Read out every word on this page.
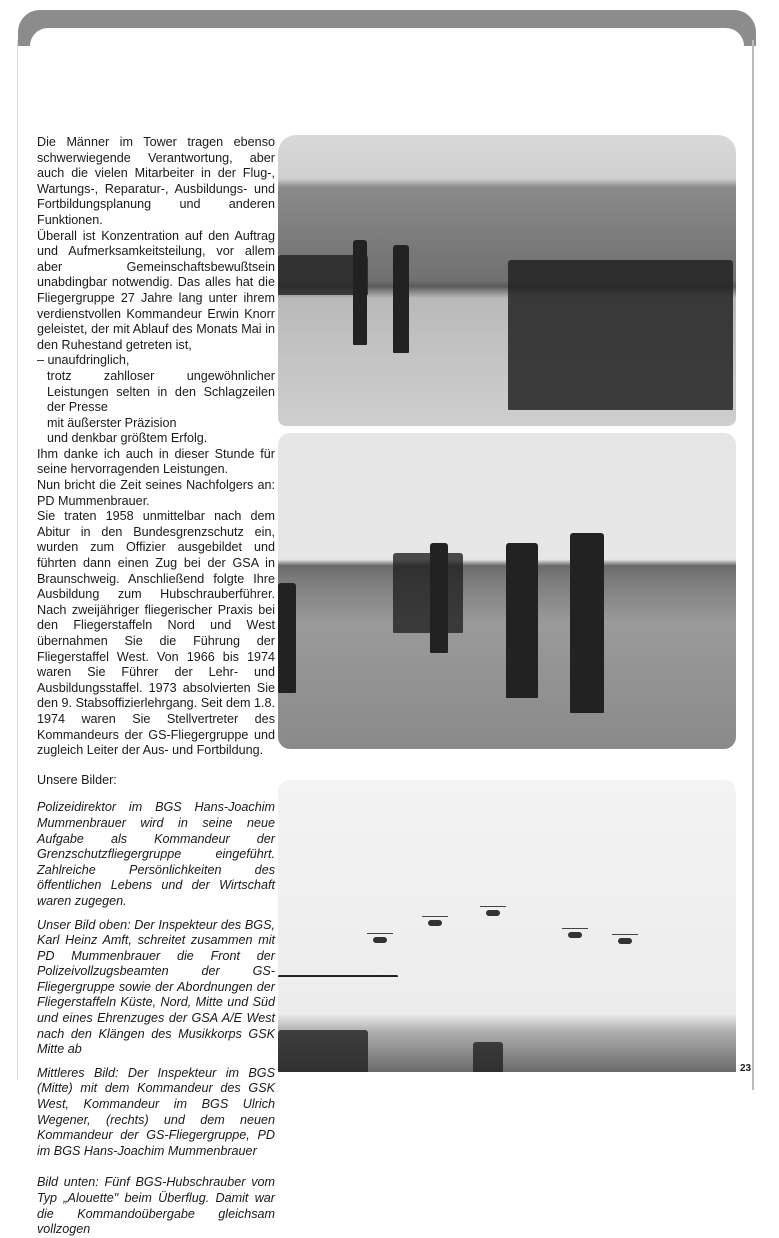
Die Männer im Tower tragen ebenso schwerwiegende Verantwortung, aber auch die vielen Mitarbeiter in der Flug-, Wartungs-, Reparatur-, Ausbildungs- und Fortbildungsplanung und anderen Funktionen.

Überall ist Konzentration auf den Auftrag und Aufmerksamkeitsteilung, vor allem aber Gemeinschaftsbewußtsein unabdingbar notwendig. Das alles hat die Fliegergruppe 27 Jahre lang unter ihrem verdienstvollen Kommandeur Erwin Knorr geleistet, der mit Ablauf des Monats Mai in den Ruhestand getreten ist,

– unaufdringlich,

trotz zahlloser ungewöhnlicher Leistungen selten in den Schlagzeilen der Presse

mit äußerster Präzision

und denkbar größtem Erfolg.

Ihm danke ich auch in dieser Stunde für seine hervorragenden Leistungen.

Nun bricht die Zeit seines Nachfolgers an: PD Mummenbrauer.

Sie traten 1958 unmittelbar nach dem Abitur in den Bundesgrenzschutz ein, wurden zum Offizier ausgebildet und führten dann einen Zug bei der GSA in Braunschweig. Anschließend folgte Ihre Ausbildung zum Hubschrauberführer. Nach zweijähriger fliegerischer Praxis bei den Fliegerstaffeln Nord und West übernahmen Sie die Führung der Fliegerstaffel West. Von 1966 bis 1974 waren Sie Führer der Lehr- und Ausbildungsstaffel. 1973 absolvierten Sie den 9. Stabsoffizierlehrgang. Seit dem 1.8. 1974 waren Sie Stellvertreter des Kommandeurs der GS-Fliegergruppe und zugleich Leiter der Aus- und Fortbildung.

Unsere Bilder:

Polizeidirektor im BGS Hans-Joachim Mummenbrauer wird in seine neue Aufgabe als Kommandeur der Grenzschutzfliegergruppe eingeführt. Zahlreiche Persönlichkeiten des öffentlichen Lebens und der Wirtschaft waren zugegen.

Unser Bild oben: Der Inspekteur des BGS, Karl Heinz Amft, schreitet zusammen mit PD Mummenbrauer die Front der Polizeivollzugsbeamten der GS-Fliegergruppe sowie der Abordnungen der Fliegerstaffeln Küste, Nord, Mitte und Süd und eines Ehrenzuges der GSA A/E West nach den Klängen des Musikkorps GSK Mitte ab

Mittleres Bild: Der Inspekteur im BGS (Mitte) mit dem Kommandeur des GSK West, Kommandeur im BGS Ulrich Wegener, (rechts) und dem neuen Kommandeur der GS-Fliegergruppe, PD im BGS Hans-Joachim Mummenbrauer

Bild unten: Fünf BGS-Hubschrauber vom Typ „Alouette" beim Überflug. Damit war die Kommandoübergabe gleichsam vollzogen

23
